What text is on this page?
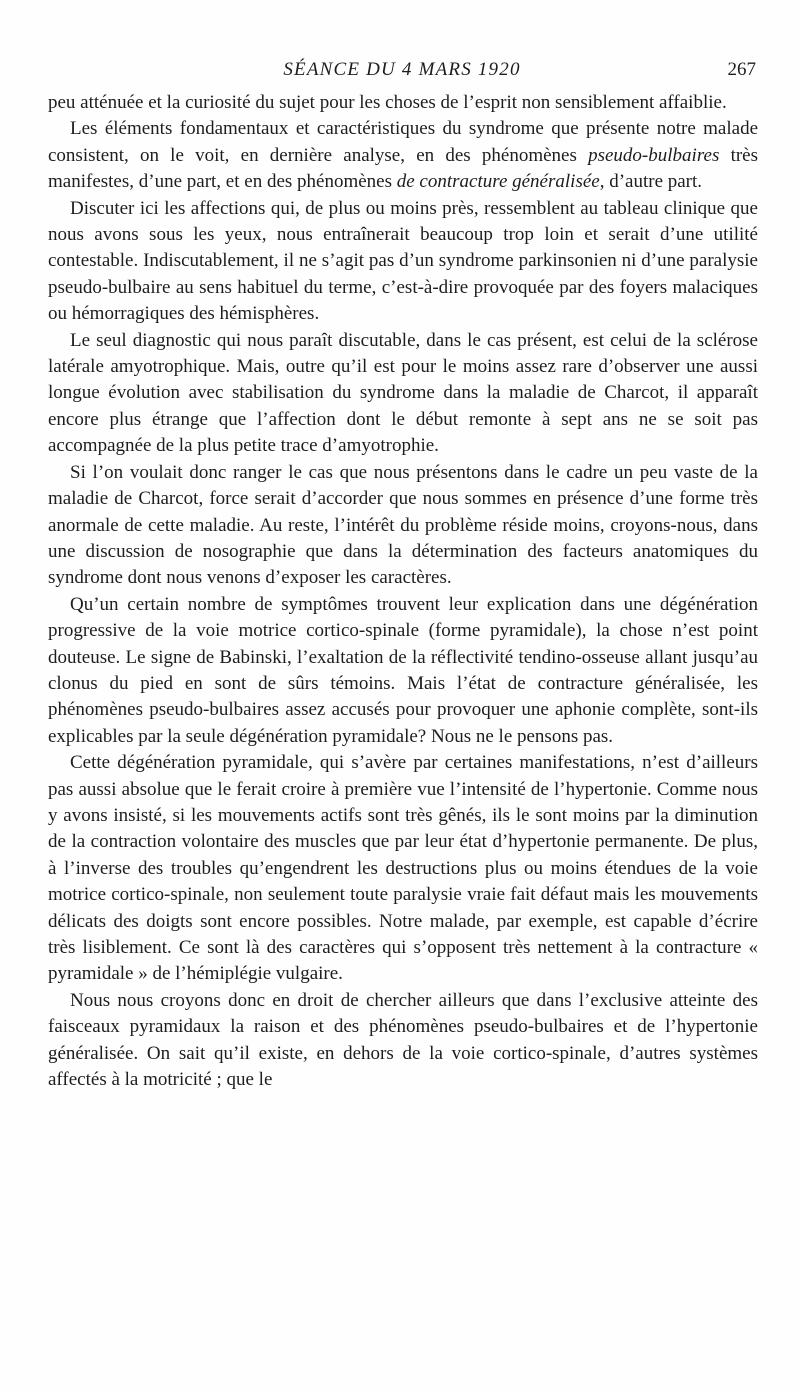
SÉANCE DU 4 MARS 1920	267

peu atténuée et la curiosité du sujet pour les choses de l’esprit non sensiblement affaiblie.

Les éléments fondamentaux et caractéristiques du syndrome que présente notre malade consistent, on le voit, en dernière analyse, en des phénomènes pseudo-bulbaires très manifestes, d’une part, et en des phénomènes de contracture généralisée, d’autre part.

Discuter ici les affections qui, de plus ou moins près, ressemblent au tableau clinique que nous avons sous les yeux, nous entraînerait beaucoup trop loin et serait d’une utilité contestable. Indiscutablement, il ne s’agit pas d’un syndrome parkinsonien ni d’une paralysie pseudo-bulbaire au sens habituel du terme, c’est-à-dire provoquée par des foyers malaciques ou hémorragiques des hémisphères.

Le seul diagnostic qui nous paraît discutable, dans le cas présent, est celui de la sclérose latérale amyotrophique. Mais, outre qu’il est pour le moins assez rare d’observer une aussi longue évolution avec stabilisation du syndrome dans la maladie de Charcot, il apparaît encore plus étrange que l’affection dont le début remonte à sept ans ne se soit pas accompagnée de la plus petite trace d’amyotrophie.

Si l’on voulait donc ranger le cas que nous présentons dans le cadre un peu vaste de la maladie de Charcot, force serait d’accorder que nous sommes en présence d’une forme très anormale de cette maladie. Au reste, l’intérêt du problème réside moins, croyons-nous, dans une discussion de nosographie que dans la détermination des facteurs anatomiques du syndrome dont nous venons d’exposer les caractères.

Qu’un certain nombre de symptômes trouvent leur explication dans une dégénération progressive de la voie motrice cortico-spinale (forme pyramidale), la chose n’est point douteuse. Le signe de Babinski, l’exaltation de la réflectivité tendino-osseuse allant jusqu’au clonus du pied en sont de sûrs témoins. Mais l’état de contracture généralisée, les phénomènes pseudo-bulbaires assez accusés pour provoquer une aphonie complète, sont-ils explicables par la seule dégénération pyramidale? Nous ne le pensons pas.

Cette dégénération pyramidale, qui s’avère par certaines manifestations, n’est d’ailleurs pas aussi absolue que le ferait croire à première vue l’intensité de l’hypertonie. Comme nous y avons insisté, si les mouvements actifs sont très gênés, ils le sont moins par la diminution de la contraction volontaire des muscles que par leur état d’hypertonie permanente. De plus, à l’inverse des troubles qu’engendrent les destructions plus ou moins étendues de la voie motrice cortico-spinale, non seulement toute paralysie vraie fait défaut mais les mouvements délicats des doigts sont encore possibles. Notre malade, par exemple, est capable d’écrire très lisiblement. Ce sont là des caractères qui s’opposent très nettement à la contracture « pyramidale » de l’hémiplégie vulgaire.

Nous nous croyons donc en droit de chercher ailleurs que dans l’exclusive atteinte des faisceaux pyramidaux la raison et des phénomènes pseudo-bulbaires et de l’hypertonie généralisée. On sait qu’il existe, en dehors de la voie cortico-spinale, d’autres systèmes affectés à la motricité ; que le
